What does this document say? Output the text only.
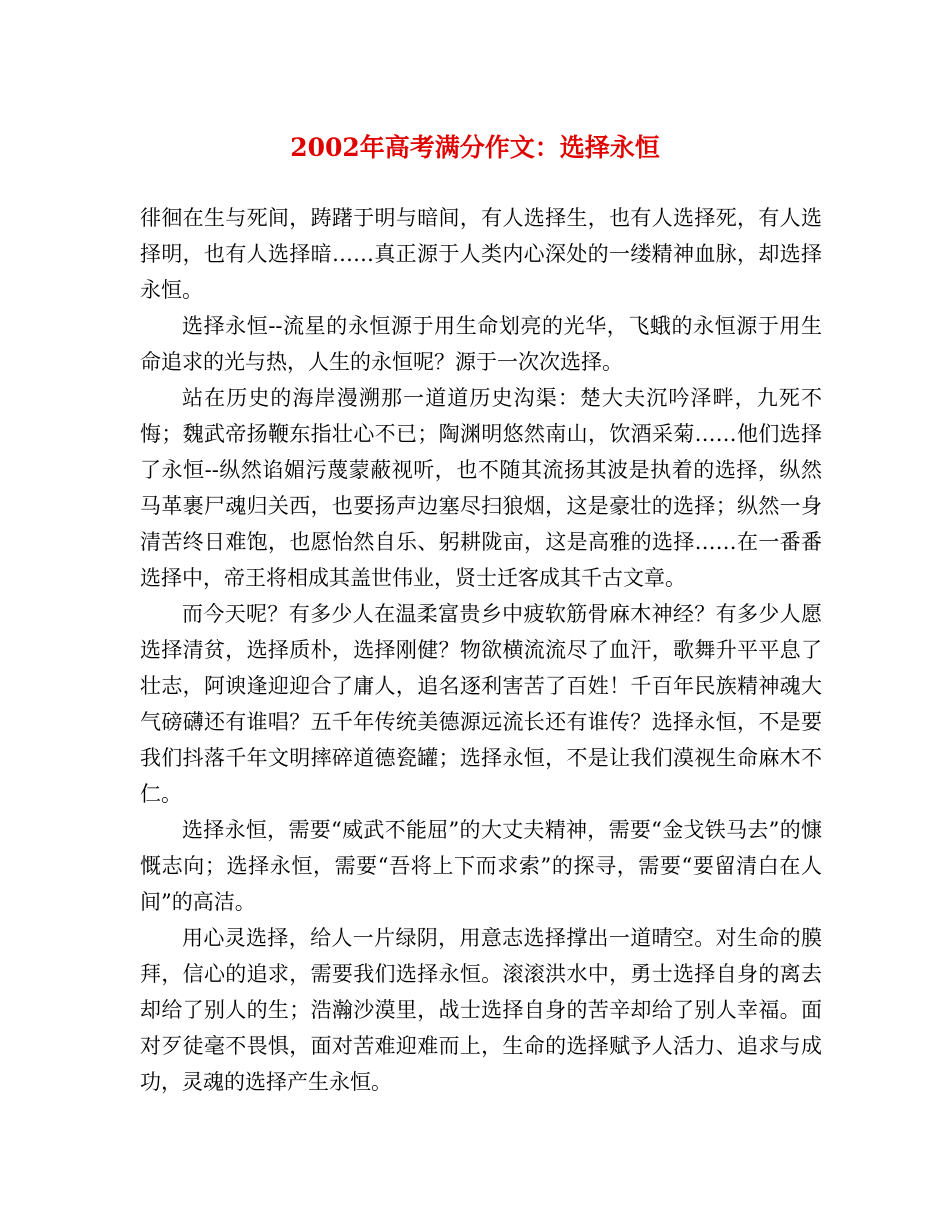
2002年高考满分作文：选择永恒

徘徊在生与死间，踌躇于明与暗间，有人选择生，也有人选择死，有人选择明，也有人选择暗……真正源于人类内心深处的一缕精神血脉，却选择永恒。

选择永恒--流星的永恒源于用生命划亮的光华，飞蛾的永恒源于用生命追求的光与热，人生的永恒呢？源于一次次选择。

站在历史的海岸漫溯那一道道历史沟渠：楚大夫沉吟泽畔，九死不悔；魏武帝扬鞭东指壮心不已；陶渊明悠然南山，饮酒采菊……他们选择了永恒--纵然谄媚污蔑蒙蔽视听，也不随其流扬其波是执着的选择，纵然马革裹尸魂归关西，也要扬声边塞尽扫狼烟，这是豪壮的选择；纵然一身清苦终日难饱，也愿怡然自乐、躬耕陇亩，这是高雅的选择……在一番番选择中，帝王将相成其盖世伟业，贤士迁客成其千古文章。

而今天呢？有多少人在温柔富贵乡中疲软筋骨麻木神经？有多少人愿选择清贫，选择质朴，选择刚健？物欲横流流尽了血汗，歌舞升平平息了壮志，阿谀逢迎迎合了庸人，追名逐利害苦了百姓！千百年民族精神魂大气磅礴还有谁唱？五千年传统美德源远流长还有谁传？选择永恒，不是要我们抖落千年文明摔碎道德瓷罐；选择永恒，不是让我们漠视生命麻木不仁。

选择永恒，需要“威武不能屈”的大丈夫精神，需要“金戈铁马去”的慷慨志向；选择永恒，需要“吾将上下而求索”的探寻，需要“要留清白在人间”的高洁。

用心灵选择，给人一片绿阴，用意志选择撑出一道晴空。对生命的膜拜，信心的追求，需要我们选择永恒。滚滚洪水中，勇士选择自身的离去却给了别人的生；浩瀚沙漠里，战士选择自身的苦辛却给了别人幸福。面对歹徒毫不畏惧，面对苦难迎难而上，生命的选择赋予人活力、追求与成功，灵魂的选择产生永恒。
